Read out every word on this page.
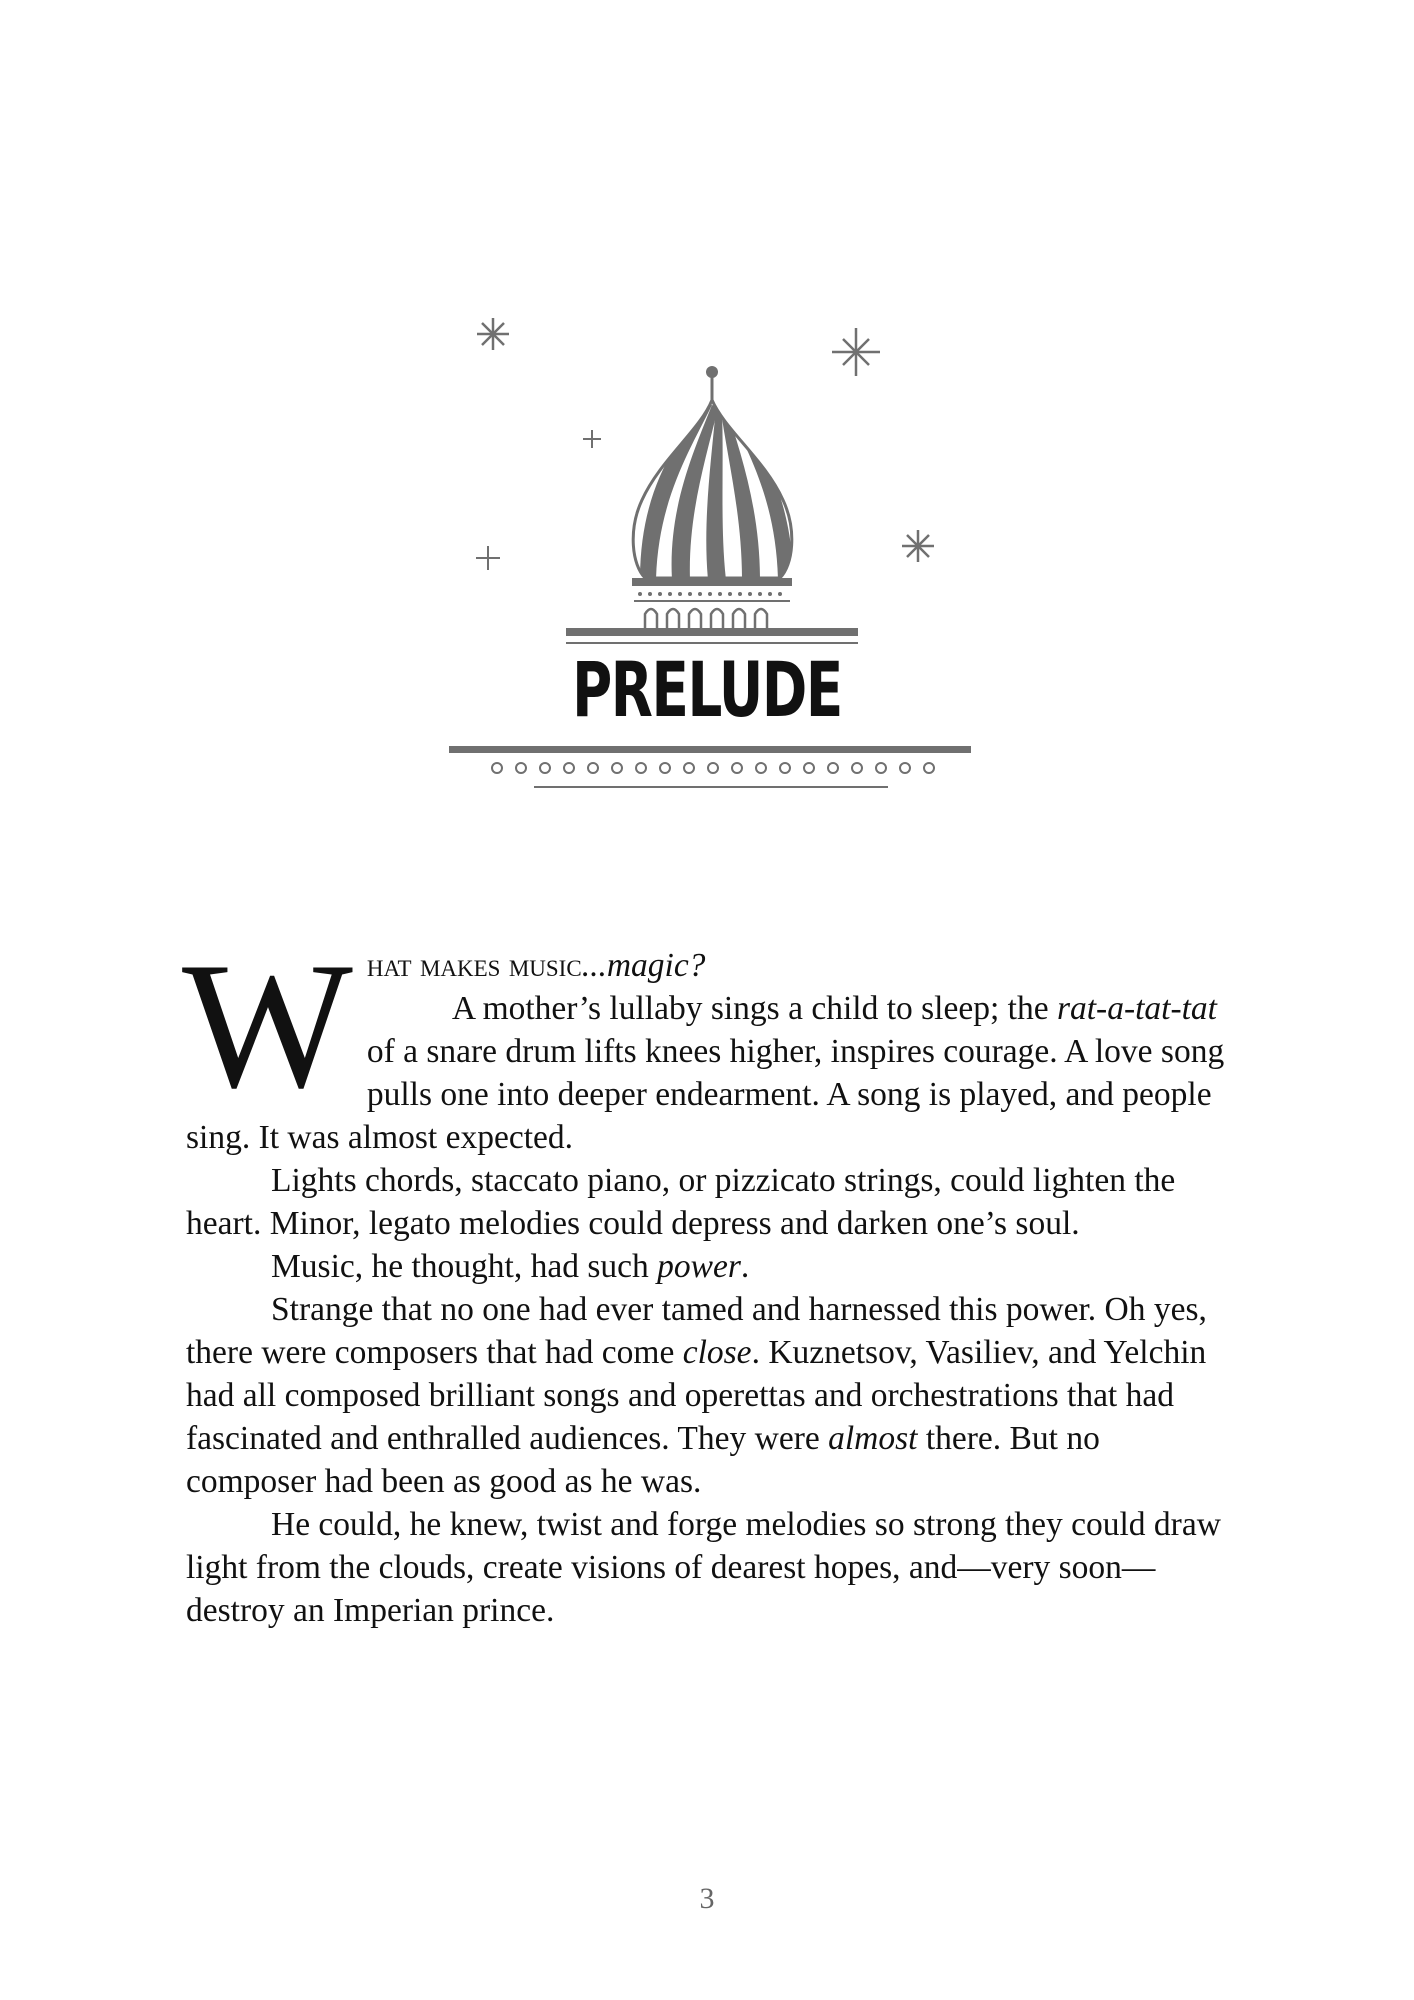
PRELUDE

What makes music...magic?
A mother’s lullaby sings a child to sleep; the rat-a-tat-tat of a snare drum lifts knees higher, inspires courage. A love song pulls one into deeper endearment. A song is played, and people sing. It was almost expected.

Lights chords, staccato piano, or pizzicato strings, could lighten the heart. Minor, legato melodies could depress and darken one’s soul.

Music, he thought, had such power.

Strange that no one had ever tamed and harnessed this power. Oh yes, there were composers that had come close. Kuznetsov, Vasiliev, and Yelchin had all composed brilliant songs and operettas and orchestrations that had fascinated and enthralled audiences. They were almost there. But no composer had been as good as he was.

He could, he knew, twist and forge melodies so strong they could draw light from the clouds, create visions of dearest hopes, and—very soon—destroy an Imperian prince.

3
